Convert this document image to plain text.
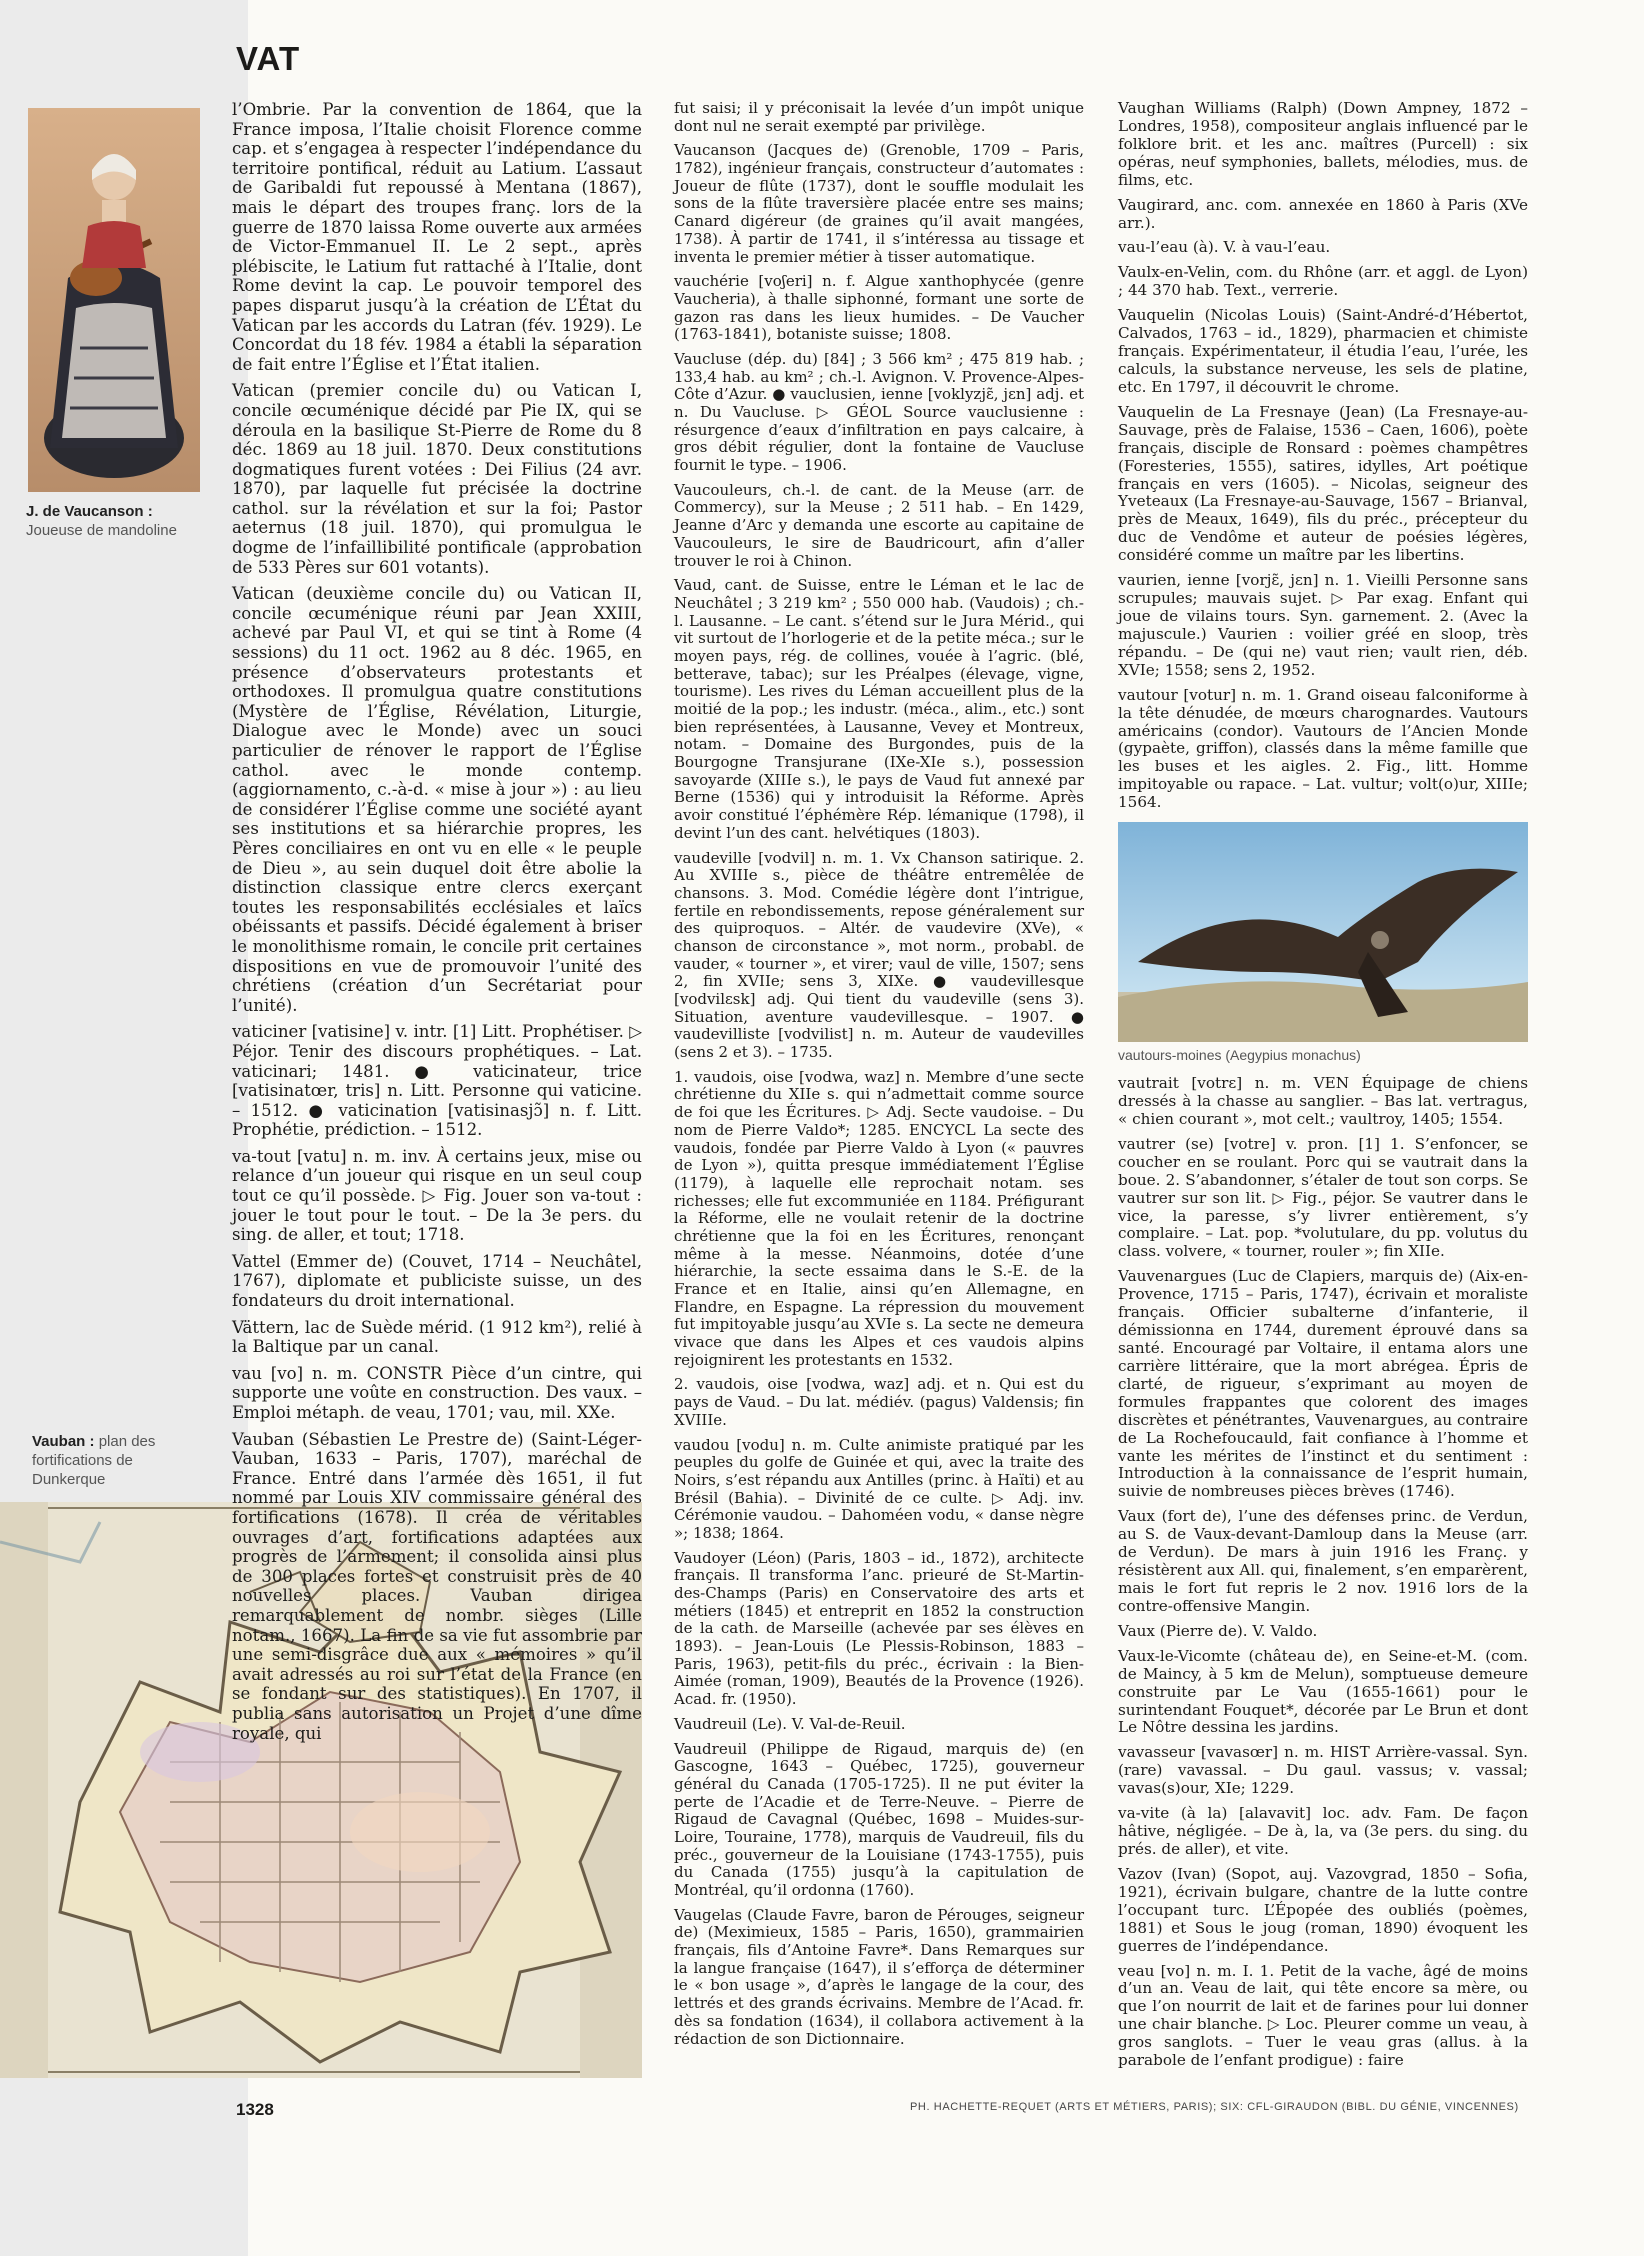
VAT
J. de Vaucanson :
Joueuse de mandoline
Vauban : plan des fortifications de Dunkerque

l’Ombrie. Par la convention de 1864, que la France imposa, l’Italie choisit Florence comme cap. et s’engagea à respecter l’indépendance du territoire pontifical, réduit au Latium. L’assaut de Garibaldi fut repoussé à Mentana (1867), mais le départ des troupes franç. lors de la guerre de 1870 laissa Rome ouverte aux armées de Victor-Emmanuel II. Le 2 sept., après plébiscite, le Latium fut rattaché à l’Italie, dont Rome devint la cap. Le pouvoir temporel des papes disparut jusqu’à la création de L’État du Vatican par les accords du Latran (fév. 1929). Le Concordat du 18 fév. 1984 a établi la séparation de fait entre l’Église et l’État italien.

Vatican (premier concile du) ou Vatican I, concile œcuménique décidé par Pie IX, qui se déroula en la basilique St-Pierre de Rome du 8 déc. 1869 au 18 juil. 1870. Deux constitutions dogmatiques furent votées : Dei Filius (24 avr. 1870), par laquelle fut précisée la doctrine cathol. sur la révélation et sur la foi; Pastor aeternus (18 juil. 1870), qui promulgua le dogme de l’infaillibilité pontificale (approbation de 533 Pères sur 601 votants).

Vatican (deuxième concile du) ou Vatican II, concile œcuménique réuni par Jean XXIII, achevé par Paul VI, et qui se tint à Rome (4 sessions) du 11 oct. 1962 au 8 déc. 1965, en présence d’observateurs protestants et orthodoxes. Il promulgua quatre constitutions (Mystère de l’Église, Révélation, Liturgie, Dialogue avec le Monde) avec un souci particulier de rénover le rapport de l’Église cathol. avec le monde contemp. (aggiornamento, c.-à-d. « mise à jour ») : au lieu de considérer l’Église comme une société ayant ses institutions et sa hiérarchie propres, les Pères conciliaires en ont vu en elle « le peuple de Dieu », au sein duquel doit être abolie la distinction classique entre clercs exerçant toutes les responsabilités ecclésiales et laïcs obéissants et passifs. Décidé également à briser le monolithisme romain, le concile prit certaines dispositions en vue de promouvoir l’unité des chrétiens (création d’un Secrétariat pour l’unité).

vaticiner [vatisine] v. intr. [1] Litt. Prophétiser. ▷ Péjor. Tenir des discours prophétiques. – Lat. vaticinari; 1481. ● vaticinateur, trice [vatisinatœr, tris] n. Litt. Personne qui vaticine. – 1512. ● vaticination [vatisinasjɔ̃] n. f. Litt. Prophétie, prédiction. – 1512.

va-tout [vatu] n. m. inv. À certains jeux, mise ou relance d’un joueur qui risque en un seul coup tout ce qu’il possède. ▷ Fig. Jouer son va-tout : jouer le tout pour le tout. – De la 3e pers. du sing. de aller, et tout; 1718.

Vattel (Emmer de) (Couvet, 1714 – Neuchâtel, 1767), diplomate et publiciste suisse, un des fondateurs du droit international.

Vättern, lac de Suède mérid. (1 912 km²), relié à la Baltique par un canal.

vau [vo] n. m. CONSTR Pièce d’un cintre, qui supporte une voûte en construction. Des vaux. – Emploi métaph. de veau, 1701; vau, mil. XXe.

Vauban (Sébastien Le Prestre de) (Saint-Léger-Vauban, 1633 – Paris, 1707), maréchal de France. Entré dans l’armée dès 1651, il fut nommé par Louis XIV commissaire général des fortifications (1678). Il créa de véritables ouvrages d’art, fortifications adaptées aux progrès de l’armement; il consolida ainsi plus de 300 places fortes et construisit près de 40 nouvelles places. Vauban dirigea remarquablement de nombr. sièges (Lille notam., 1667). La fin de sa vie fut assombrie par une semi-disgrâce due aux « mémoires » qu’il avait adressés au roi sur l’état de la France (en se fondant sur des statistiques). En 1707, il publia sans autorisation un Projet d’une dîme royale, qui

fut saisi; il y préconisait la levée d’un impôt unique dont nul ne serait exempté par privilège.

Vaucanson (Jacques de) (Grenoble, 1709 – Paris, 1782), ingénieur français, constructeur d’automates : Joueur de flûte (1737), dont le souffle modulait les sons de la flûte traversière placée entre ses mains; Canard digéreur (de graines qu’il avait mangées, 1738). À partir de 1741, il s’intéressa au tissage et inventa le premier métier à tisser automatique.

vauchérie [voʃeri] n. f. Algue xanthophycée (genre Vaucheria), à thalle siphonné, formant une sorte de gazon ras dans les lieux humides. – De Vaucher (1763-1841), botaniste suisse; 1808.

Vaucluse (dép. du) [84] ; 3 566 km² ; 475 819 hab. ; 133,4 hab. au km² ; ch.-l. Avignon. V. Provence-Alpes-Côte d’Azur. ● vauclusien, ienne [voklyzjɛ̃, jɛn] adj. et n. Du Vaucluse. ▷ GÉOL Source vauclusienne : résurgence d’eaux d’infiltration en pays calcaire, à gros débit régulier, dont la fontaine de Vaucluse fournit le type. – 1906.

Vaucouleurs, ch.-l. de cant. de la Meuse (arr. de Commercy), sur la Meuse ; 2 511 hab. – En 1429, Jeanne d’Arc y demanda une escorte au capitaine de Vaucouleurs, le sire de Baudricourt, afin d’aller trouver le roi à Chinon.

Vaud, cant. de Suisse, entre le Léman et le lac de Neuchâtel ; 3 219 km² ; 550 000 hab. (Vaudois) ; ch.-l. Lausanne. – Le cant. s’étend sur le Jura Mérid., qui vit surtout de l’horlogerie et de la petite méca.; sur le moyen pays, rég. de collines, vouée à l’agric. (blé, betterave, tabac); sur les Préalpes (élevage, vigne, tourisme). Les rives du Léman accueillent plus de la moitié de la pop.; les industr. (méca., alim., etc.) sont bien représentées, à Lausanne, Vevey et Montreux, notam. – Domaine des Burgondes, puis de la Bourgogne Transjurane (IXe-XIe s.), possession savoyarde (XIIIe s.), le pays de Vaud fut annexé par Berne (1536) qui y introduisit la Réforme. Après avoir constitué l’éphémère Rép. lémanique (1798), il devint l’un des cant. helvétiques (1803).

vaudeville [vodvil] n. m. 1. Vx Chanson satirique. 2. Au XVIIIe s., pièce de théâtre entremêlée de chansons. 3. Mod. Comédie légère dont l’intrigue, fertile en rebondissements, repose généralement sur des quiproquos. – Altér. de vaudevire (XVe), « chanson de circonstance », mot norm., probabl. de vauder, « tourner », et virer; vaul de ville, 1507; sens 2, fin XVIIe; sens 3, XIXe. ● vaudevillesque [vodvilɛsk] adj. Qui tient du vaudeville (sens 3). Situation, aventure vaudevillesque. – 1907. ● vaudevilliste [vodvilist] n. m. Auteur de vaudevilles (sens 2 et 3). – 1735.

1. vaudois, oise [vodwa, waz] n. Membre d’une secte chrétienne du XIIe s. qui n’admettait comme source de foi que les Écritures. ▷ Adj. Secte vaudoise. – Du nom de Pierre Valdo*; 1285. ENCYCL La secte des vaudois, fondée par Pierre Valdo à Lyon (« pauvres de Lyon »), quitta presque immédiatement l’Église (1179), à laquelle elle reprochait notam. ses richesses; elle fut excommuniée en 1184. Préfigurant la Réforme, elle ne voulait retenir de la doctrine chrétienne que la foi en les Écritures, renonçant même à la messe. Néanmoins, dotée d’une hiérarchie, la secte essaima dans le S.-E. de la France et en Italie, ainsi qu’en Allemagne, en Flandre, en Espagne. La répression du mouvement fut impitoyable jusqu’au XVIe s. La secte ne demeura vivace que dans les Alpes et ces vaudois alpins rejoignirent les protestants en 1532.

2. vaudois, oise [vodwa, waz] adj. et n. Qui est du pays de Vaud. – Du lat. médiév. (pagus) Valdensis; fin XVIIIe.

vaudou [vodu] n. m. Culte animiste pratiqué par les peuples du golfe de Guinée et qui, avec la traite des Noirs, s’est répandu aux Antilles (princ. à Haïti) et au Brésil (Bahia). – Divinité de ce culte. ▷ Adj. inv. Cérémonie vaudou. – Dahoméen vodu, « danse nègre »; 1838; 1864.

Vaudoyer (Léon) (Paris, 1803 – id., 1872), architecte français. Il transforma l’anc. prieuré de St-Martin-des-Champs (Paris) en Conservatoire des arts et métiers (1845) et entreprit en 1852 la construction de la cath. de Marseille (achevée par ses élèves en 1893). – Jean-Louis (Le Plessis-Robinson, 1883 – Paris, 1963), petit-fils du préc., écrivain : la Bien-Aimée (roman, 1909), Beautés de la Provence (1926). Acad. fr. (1950).

Vaudreuil (Le). V. Val-de-Reuil.

Vaudreuil (Philippe de Rigaud, marquis de) (en Gascogne, 1643 – Québec, 1725), gouverneur général du Canada (1705-1725). Il ne put éviter la perte de l’Acadie et de Terre-Neuve. – Pierre de Rigaud de Cavagnal (Québec, 1698 – Muides-sur-Loire, Touraine, 1778), marquis de Vaudreuil, fils du préc., gouverneur de la Louisiane (1743-1755), puis du Canada (1755) jusqu’à la capitulation de Montréal, qu’il ordonna (1760).

Vaugelas (Claude Favre, baron de Pérouges, seigneur de) (Meximieux, 1585 – Paris, 1650), grammairien français, fils d’Antoine Favre*. Dans Remarques sur la langue française (1647), il s’efforça de déterminer le « bon usage », d’après le langage de la cour, des lettrés et des grands écrivains. Membre de l’Acad. fr. dès sa fondation (1634), il collabora activement à la rédaction de son Dictionnaire.

Vaughan Williams (Ralph) (Down Ampney, 1872 – Londres, 1958), compositeur anglais influencé par le folklore brit. et les anc. maîtres (Purcell) : six opéras, neuf symphonies, ballets, mélodies, mus. de films, etc.

Vaugirard, anc. com. annexée en 1860 à Paris (XVe arr.).

vau-l’eau (à). V. à vau-l’eau.

Vaulx-en-Velin, com. du Rhône (arr. et aggl. de Lyon) ; 44 370 hab. Text., verrerie.

Vauquelin (Nicolas Louis) (Saint-André-d’Hébertot, Calvados, 1763 – id., 1829), pharmacien et chimiste français. Expérimentateur, il étudia l’eau, l’urée, les calculs, la substance nerveuse, les sels de platine, etc. En 1797, il découvrit le chrome.

Vauquelin de La Fresnaye (Jean) (La Fresnaye-au-Sauvage, près de Falaise, 1536 – Caen, 1606), poète français, disciple de Ronsard : poèmes champêtres (Foresteries, 1555), satires, idylles, Art poétique français en vers (1605). – Nicolas, seigneur des Yveteaux (La Fresnaye-au-Sauvage, 1567 – Brianval, près de Meaux, 1649), fils du préc., précepteur du duc de Vendôme et auteur de poésies légères, considéré comme un maître par les libertins.

vaurien, ienne [vorjɛ̃, jɛn] n. 1. Vieilli Personne sans scrupules; mauvais sujet. ▷ Par exag. Enfant qui joue de vilains tours. Syn. garnement. 2. (Avec la majuscule.) Vaurien : voilier gréé en sloop, très répandu. – De (qui ne) vaut rien; vault rien, déb. XVIe; 1558; sens 2, 1952.

vautour [votur] n. m. 1. Grand oiseau falconiforme à la tête dénudée, de mœurs charognardes. Vautours américains (condor). Vautours de l’Ancien Monde (gypaète, griffon), classés dans la même famille que les buses et les aigles. 2. Fig., litt. Homme impitoyable ou rapace. – Lat. vultur; volt(o)ur, XIIIe; 1564.

vautours-moines (Aegypius monachus)

vautrait [votrɛ] n. m. VEN Équipage de chiens dressés à la chasse au sanglier. – Bas lat. vertragus, « chien courant », mot celt.; vaultroy, 1405; 1554.

vautrer (se) [votre] v. pron. [1] 1. S’enfoncer, se coucher en se roulant. Porc qui se vautrait dans la boue. 2. S’abandonner, s’étaler de tout son corps. Se vautrer sur son lit. ▷ Fig., péjor. Se vautrer dans le vice, la paresse, s’y livrer entièrement, s’y complaire. – Lat. pop. *volutulare, du pp. volutus du class. volvere, « tourner, rouler »; fin XIIe.

Vauvenargues (Luc de Clapiers, marquis de) (Aix-en-Provence, 1715 – Paris, 1747), écrivain et moraliste français. Officier subalterne d’infanterie, il démissionna en 1744, durement éprouvé dans sa santé. Encouragé par Voltaire, il entama alors une carrière littéraire, que la mort abrégea. Épris de clarté, de rigueur, s’exprimant au moyen de formules frappantes que colorent des images discrètes et pénétrantes, Vauvenargues, au contraire de La Rochefoucauld, fait confiance à l’homme et vante les mérites de l’instinct et du sentiment : Introduction à la connaissance de l’esprit humain, suivie de nombreuses pièces brèves (1746).

Vaux (fort de), l’une des défenses princ. de Verdun, au S. de Vaux-devant-Damloup dans la Meuse (arr. de Verdun). De mars à juin 1916 les Franç. y résistèrent aux All. qui, finalement, s’en emparèrent, mais le fort fut repris le 2 nov. 1916 lors de la contre-offensive Mangin.

Vaux (Pierre de). V. Valdo.

Vaux-le-Vicomte (château de), en Seine-et-M. (com. de Maincy, à 5 km de Melun), somptueuse demeure construite par Le Vau (1655-1661) pour le surintendant Fouquet*, décorée par Le Brun et dont Le Nôtre dessina les jardins.

vavasseur [vavasœr] n. m. HIST Arrière-vassal. Syn. (rare) vavassal. – Du gaul. vassus; v. vassal; vavas(s)our, XIe; 1229.

va-vite (à la) [alavavit] loc. adv. Fam. De façon hâtive, négligée. – De à, la, va (3e pers. du sing. du prés. de aller), et vite.

Vazov (Ivan) (Sopot, auj. Vazovgrad, 1850 – Sofia, 1921), écrivain bulgare, chantre de la lutte contre l’occupant turc. L’Épopée des oubliés (poèmes, 1881) et Sous le joug (roman, 1890) évoquent les guerres de l’indépendance.

veau [vo] n. m. I. 1. Petit de la vache, âgé de moins d’un an. Veau de lait, qui tête encore sa mère, ou que l’on nourrit de lait et de farines pour lui donner une chair blanche. ▷ Loc. Pleurer comme un veau, à gros sanglots. – Tuer le veau gras (allus. à la parabole de l’enfant prodigue) : faire

1328	PH. HACHETTE-REQUET (ARTS ET MÉTIERS, PARIS); SIX: CFL-GIRAUDON (BIBL. DU GÉNIE, VINCENNES)
